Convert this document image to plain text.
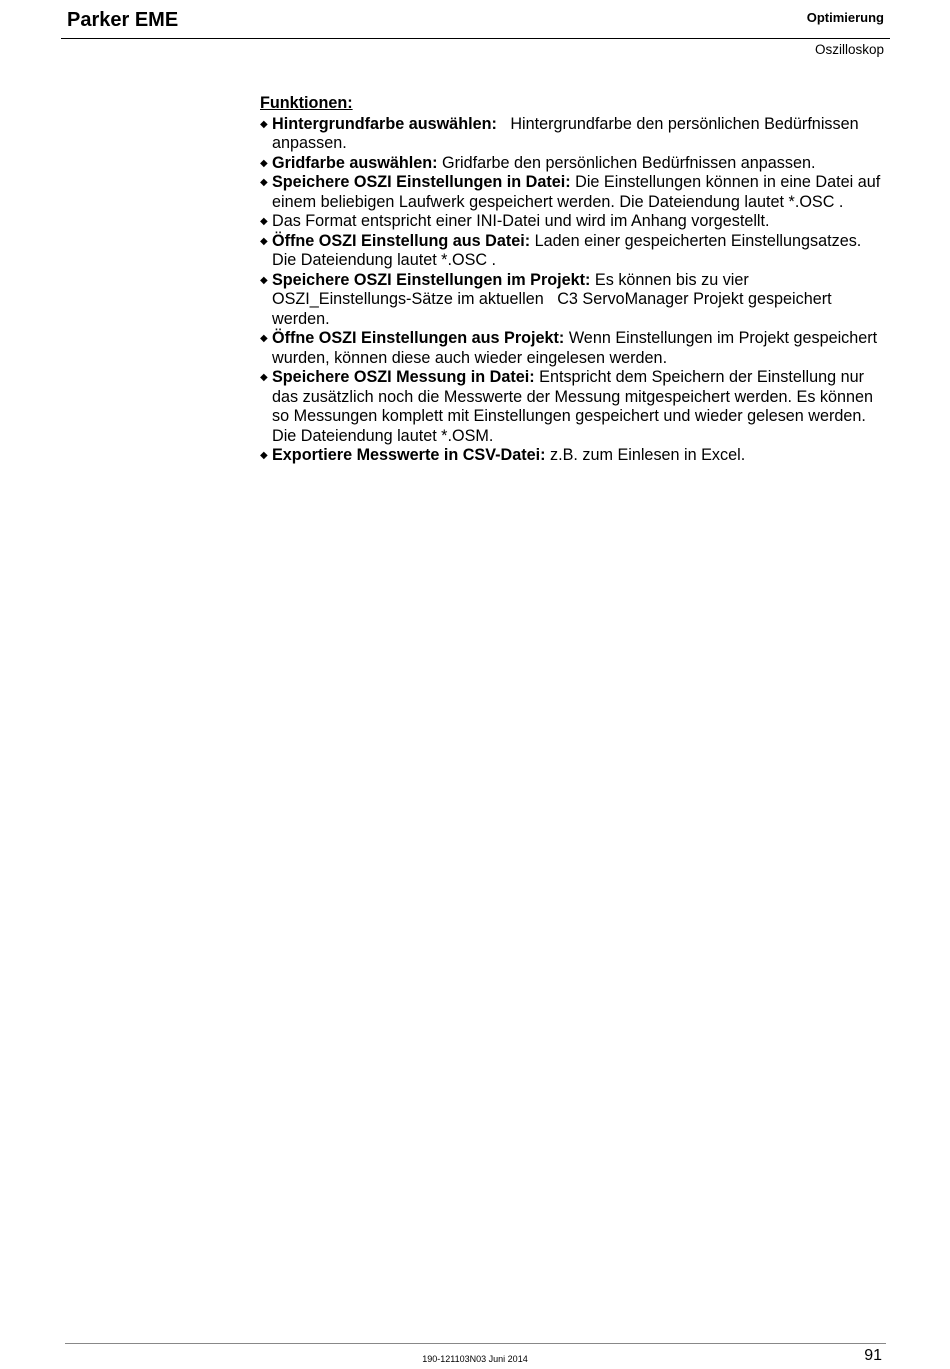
Parker EME	Optimierung
Oszilloskop
Funktionen:
◆ Hintergrundfarbe auswählen:   Hintergrundfarbe den persönlichen Bedürfnissen anpassen.
◆ Gridfarbe auswählen: Gridfarbe den persönlichen Bedürfnissen anpassen.
◆ Speichere OSZI Einstellungen in Datei: Die Einstellungen können in eine Datei auf einem beliebigen Laufwerk gespeichert werden. Die Dateiendung lautet *.OSC .
◆ Das Format entspricht einer INI-Datei und wird im Anhang vorgestellt.
◆ Öffne OSZI Einstellung aus Datei: Laden einer gespeicherten Einstellungsatzes. Die Dateiendung lautet *.OSC .
◆ Speichere OSZI Einstellungen im Projekt: Es können bis zu vier OSZI_Einstellungs-Sätze im aktuellen   C3 ServoManager Projekt gespeichert werden.
◆ Öffne OSZI Einstellungen aus Projekt: Wenn Einstellungen im Projekt gespeichert wurden, können diese auch wieder eingelesen werden.
◆ Speichere OSZI Messung in Datei: Entspricht dem Speichern der Einstellung nur das zusätzlich noch die Messwerte der Messung mitgespeichert werden. Es können so Messungen komplett mit Einstellungen gespeichert und wieder gelesen werden. Die Dateiendung lautet *.OSM.
◆ Exportiere Messwerte in CSV-Datei: z.B. zum Einlesen in Excel.
190-121103N03 Juni 2014	91
